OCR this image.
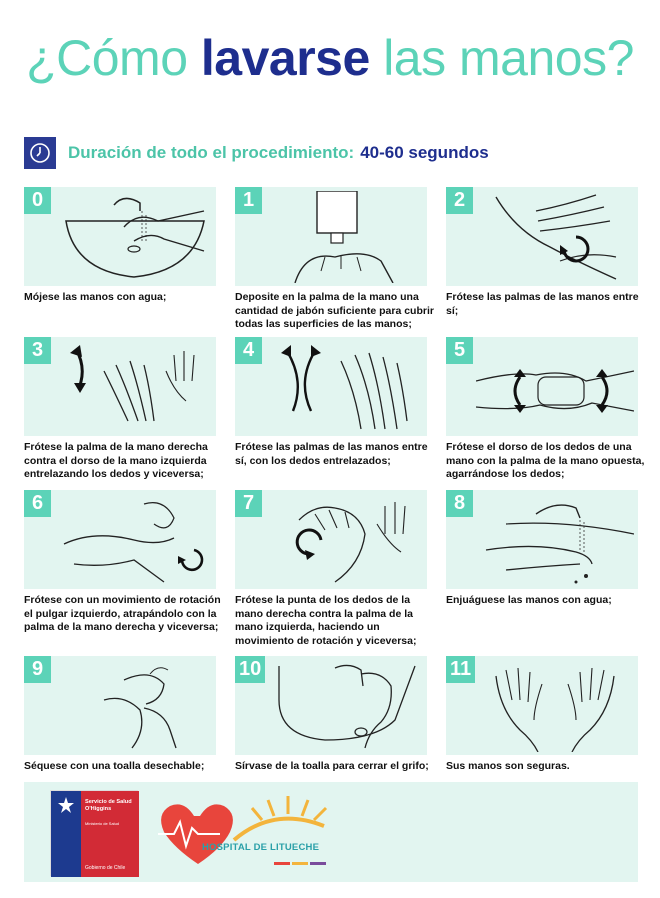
¿Cómo lavarse las manos?
Duración de todo el procedimiento: 40-60 segundos
0
Mójese las manos con agua;
1
Deposite en la palma de la mano una cantidad de jabón suficiente para cubrir todas las superficies de las manos;
2
Frótese las palmas de las manos entre sí;
3
Frótese la palma de la mano derecha contra el dorso de la mano izquierda entrelazando los dedos y viceversa;
4
Frótese las palmas de las manos entre sí, con los dedos entrelazados;
5
Frótese el dorso de los dedos de una mano con la palma de la mano opuesta, agarrándose los dedos;
6
Frótese con un movimiento de rotación el pulgar izquierdo, atrapándolo con la palma de la mano derecha y viceversa;
7
Frótese la punta de los dedos de la mano derecha contra la palma de la mano izquierda, haciendo un movimiento de rotación y viceversa;
8
Enjuáguese las manos con agua;
9
Séquese con una toalla desechable;
10
Sírvase de la toalla para cerrar el grifo;
11
Sus manos son seguras.
Servicio de Salud O'Higgins
Ministerio de Salud
Gobierno de Chile
HOSPITAL DE LITUECHE
